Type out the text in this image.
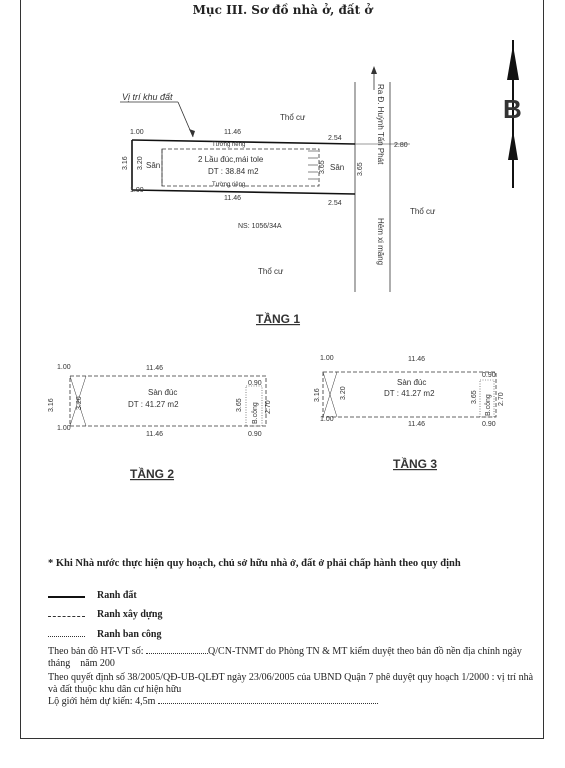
Mục III. Sơ đồ nhà ở, đất ở
B
Vị trí khu đất	Ra Đ. Huỳnh Tấn Phát
Hẻm xi măng
2.80
Thổ cư
Thổ cư
Thổ cư
1.00	11.46
2.54
Tường riêng
1.00
Tường riêng
11.46
2.54
3.16 3.20	3.65	3.65
Sân	Sân
2 Lầu đúc,mái tole
DT : 38.84 m2
NS: 1056/34A
TẦNG 1
1.00	11.46
0.90
1.00
11.46	0.90
3.16	3.20	3.65 B.công 2.70
Sàn đúc
DT : 41.27 m2
TẦNG 2
1.00	11.46
0.90
1.00
11.46	0.90
3.16	3.20	3.65 B.công 2.70
Sàn đúc
DT : 41.27 m2
TẦNG 3
* Khi Nhà nước thực hiện quy hoạch, chủ sở hữu nhà ở, đất ở phải chấp hành theo quy định
Ranh đất
Ranh xây dựng
Ranh ban công
Theo bản đồ HT-VT số:	Q/CN-TNMT do Phòng TN & MT kiểm duyệt theo bản đồ nền địa chính ngày
tháng năm 200
Theo quyết định số 38/2005/QĐ-UB-QLĐT ngày 23/06/2005 của UBND Quận 7 phê duyệt quy hoạch 1/2000 : vị trí nhà và đất thuộc khu dân cư hiện hữu
Lộ giới hẻm dự kiến: 4,5m
